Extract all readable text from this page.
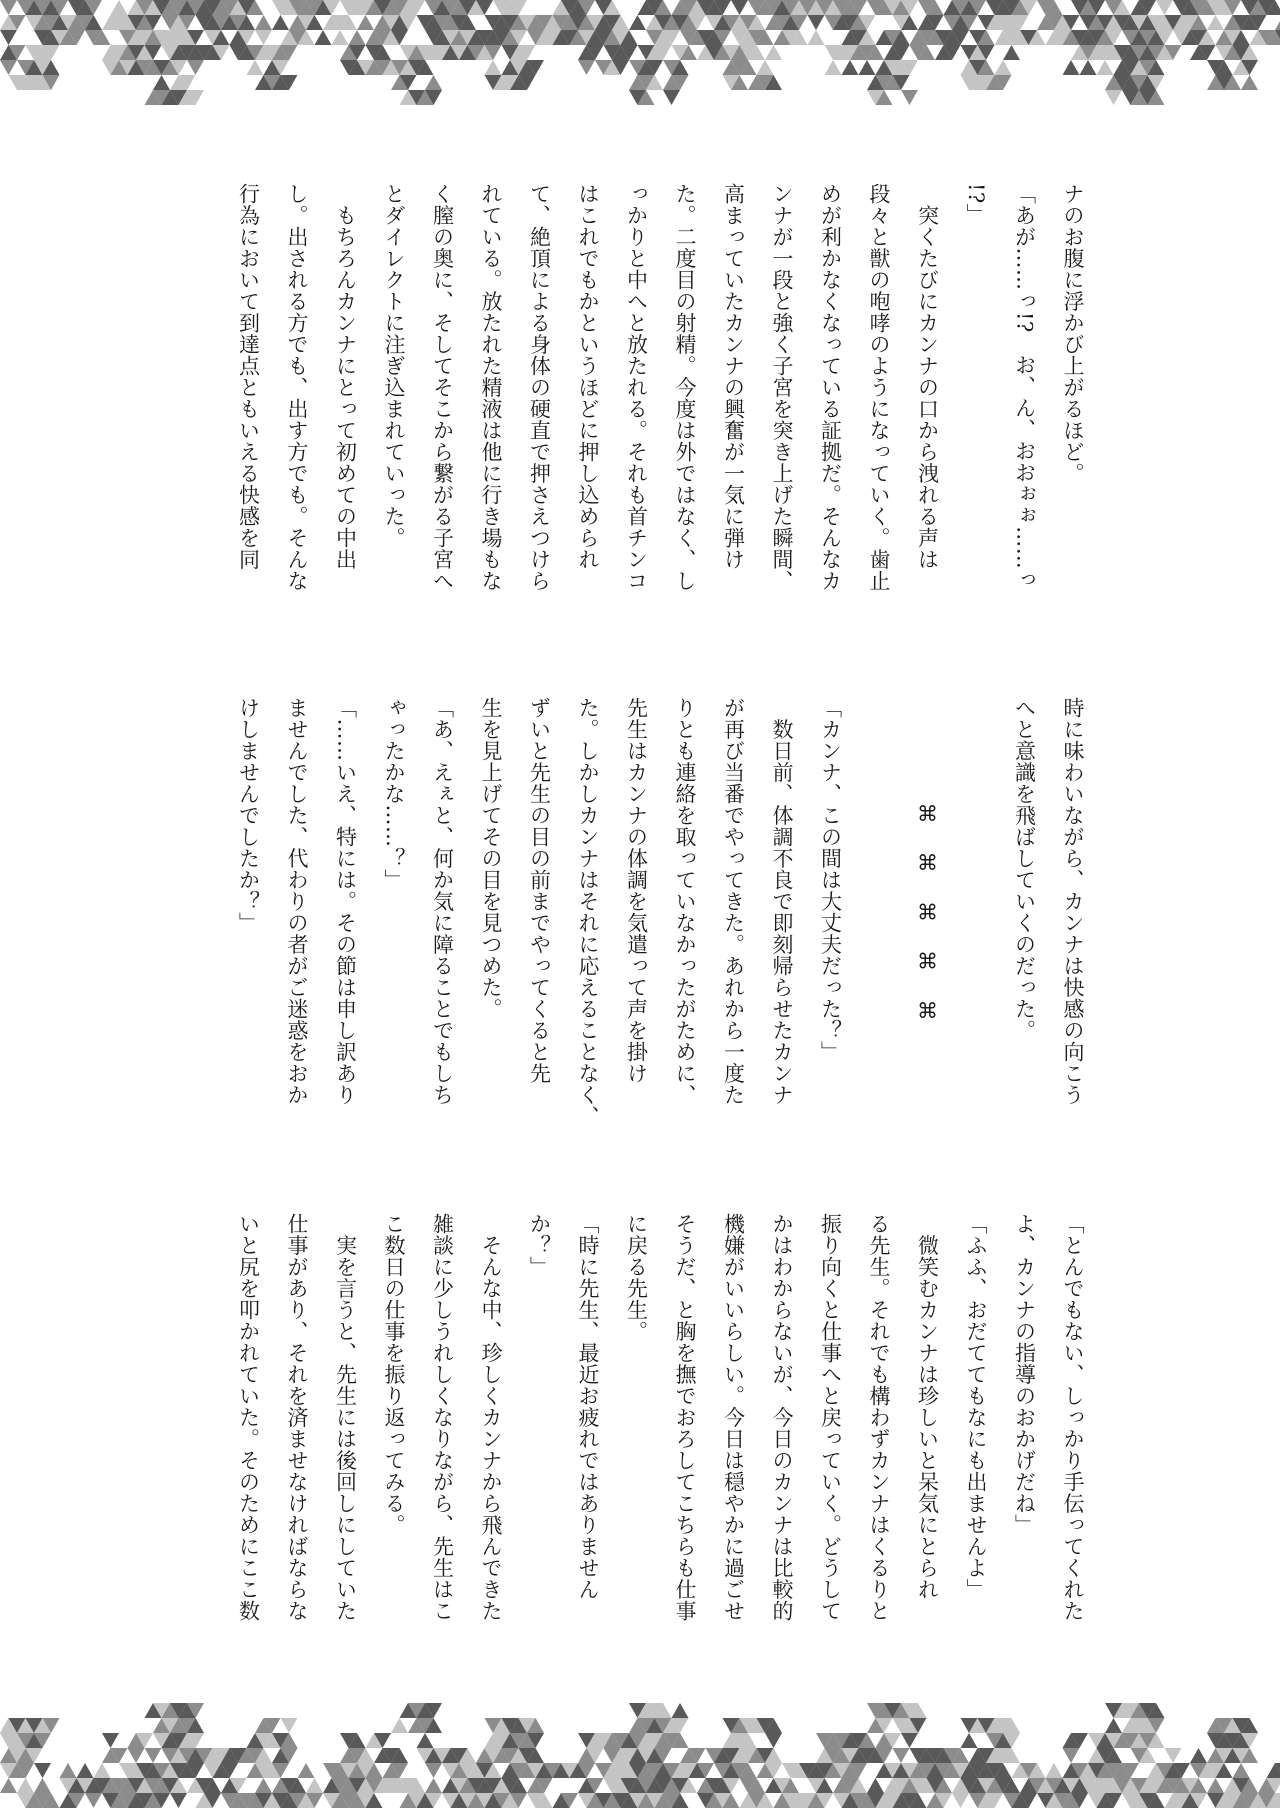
ナのお腹に浮かび上がるほど。

「あが……っ!?　お、ん、おおぉぉ……っ

!?」

　突くたびにカンナの口から洩れる声は

段々と獣の咆哮のようになっていく。歯止

めが利かなくなっている証拠だ。そんなカ

ンナが一段と強く子宮を突き上げた瞬間、

高まっていたカンナの興奮が一気に弾け

た。二度目の射精。今度は外ではなく、し

っかりと中へと放たれる。それも首チンコ

はこれでもかというほどに押し込められ

て、絶頂による身体の硬直で押さえつけら

れている。放たれた精液は他に行き場もな

く膣の奥に、そしてそこから繋がる子宮へ

とダイレクトに注ぎ込まれていった。

　もちろんカンナにとって初めての中出

し。出される方でも、出す方でも。そんな

行為において到達点ともいえる快感を同

時に味わいながら、カンナは快感の向こう

へと意識を飛ばしていくのだった。

⌘⌘⌘⌘⌘

「カンナ、この間は大丈夫だった？」

　数日前、体調不良で即刻帰らせたカンナ

が再び当番でやってきた。あれから一度た

りとも連絡を取っていなかったがために、

先生はカンナの体調を気遣って声を掛け

た。しかしカンナはそれに応えることなく、

ずいと先生の目の前までやってくると先

生を見上げてその目を見つめた。

「あ、えぇと、何か気に障ることでもしち

ゃったかな……？」

「……いえ、特には。その節は申し訳あり

ませんでした、代わりの者がご迷惑をおか

けしませんでしたか？」

「とんでもない、しっかり手伝ってくれた

よ、カンナの指導のおかげだね」

「ふふ、おだててもなにも出ませんよ」

　微笑むカンナは珍しいと呆気にとられ

る先生。それでも構わずカンナはくるりと

振り向くと仕事へと戻っていく。どうして

かはわからないが、今日のカンナは比較的

機嫌がいいらしい。今日は穏やかに過ごせ

そうだ、と胸を撫でおろしてこちらも仕事

に戻る先生。

「時に先生、最近お疲れではありません

か？」

　そんな中、珍しくカンナから飛んできた

雑談に少しうれしくなりながら、先生はこ

こ数日の仕事を振り返ってみる。

　実を言うと、先生には後回しにしていた

仕事があり、それを済ませなければならな

いと尻を叩かれていた。そのためにここ数
